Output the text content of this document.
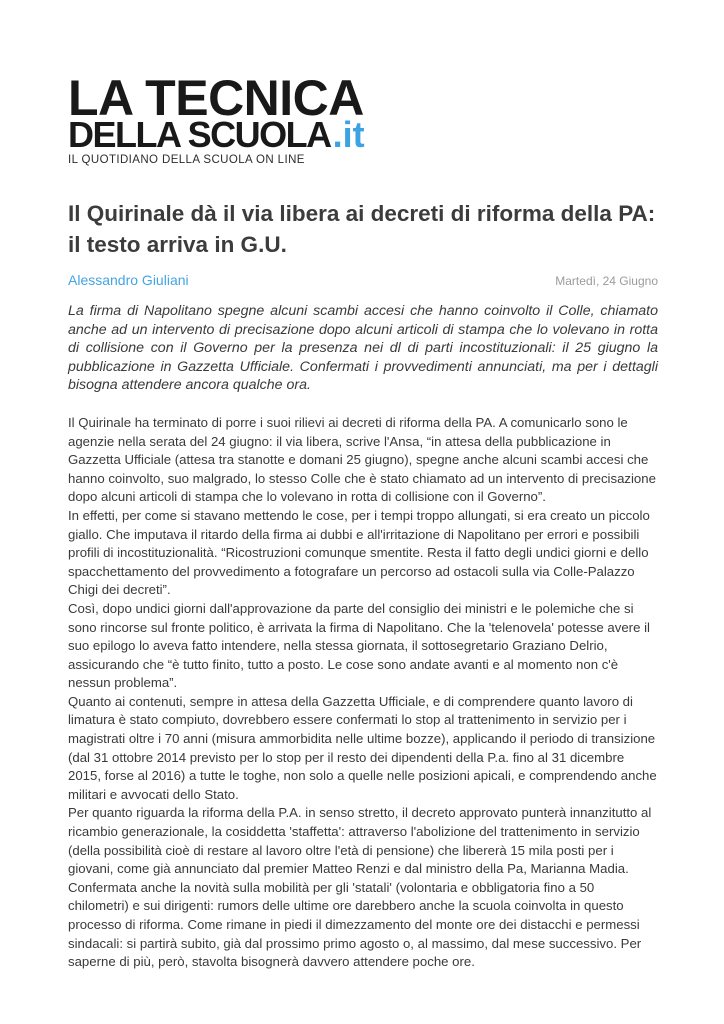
LA TECNICA
DELLA SCUOLA.it
IL QUOTIDIANO DELLA SCUOLA ON LINE
Il Quirinale dà il via libera ai decreti di riforma della PA: il testo arriva in G.U.
Alessandro Giuliani	Martedì, 24 Giugno

La firma di Napolitano spegne alcuni scambi accesi che hanno coinvolto il Colle, chiamato anche ad un intervento di precisazione dopo alcuni articoli di stampa che lo volevano in rotta di collisione con il Governo per la presenza nei dl di parti incostituzionali: il 25 giugno la pubblicazione in Gazzetta Ufficiale. Confermati i provvedimenti annunciati, ma per i dettagli bisogna attendere ancora qualche ora.

Il Quirinale ha terminato di porre i suoi rilievi ai decreti di riforma della PA. A comunicarlo sono le agenzie nella serata del 24 giugno: il via libera, scrive l'Ansa, “in attesa della pubblicazione in Gazzetta Ufficiale (attesa tra stanotte e domani 25 giugno), spegne anche alcuni scambi accesi che hanno coinvolto, suo malgrado, lo stesso Colle che è stato chiamato ad un intervento di precisazione dopo alcuni articoli di stampa che lo volevano in rotta di collisione con il Governo”.

In effetti, per come si stavano mettendo le cose, per i tempi troppo allungati, si era creato un piccolo giallo. Che imputava il ritardo della firma ai dubbi e all'irritazione di Napolitano per errori e possibili profili di incostituzionalità. “Ricostruzioni comunque smentite. Resta il fatto degli undici giorni e dello spacchettamento del provvedimento a fotografare un percorso ad ostacoli sulla via Colle-Palazzo Chigi dei decreti”.

Così, dopo undici giorni dall'approvazione da parte del consiglio dei ministri e le polemiche che si sono rincorse sul fronte politico, è arrivata la firma di Napolitano. Che la 'telenovela' potesse avere il suo epilogo lo aveva fatto intendere, nella stessa giornata, il sottosegretario Graziano Delrio, assicurando che “è tutto finito, tutto a posto. Le cose sono andate avanti e al momento non c'è nessun problema”.

Quanto ai contenuti, sempre in attesa della Gazzetta Ufficiale, e di comprendere quanto lavoro di limatura è stato compiuto, dovrebbero essere confermati lo stop al trattenimento in servizio per i magistrati oltre i 70 anni (misura ammorbidita nelle ultime bozze), applicando il periodo di transizione (dal 31 ottobre 2014 previsto per lo stop per il resto dei dipendenti della P.a. fino al 31 dicembre 2015, forse al 2016) a tutte le toghe, non solo a quelle nelle posizioni apicali, e comprendendo anche militari e avvocati dello Stato.

Per quanto riguarda la riforma della P.A. in senso stretto, il decreto approvato punterà innanzitutto al ricambio generazionale, la cosiddetta 'staffetta': attraverso l'abolizione del trattenimento in servizio (della possibilità cioè di restare al lavoro oltre l'età di pensione) che libererà 15 mila posti per i giovani, come già annunciato dal premier Matteo Renzi e dal ministro della Pa, Marianna Madia.

Confermata anche la novità sulla mobilità per gli 'statali' (volontaria e obbligatoria fino a 50 chilometri) e sui dirigenti: rumors delle ultime ore darebbero anche la scuola coinvolta in questo processo di riforma. Come rimane in piedi il dimezzamento del monte ore dei distacchi e permessi sindacali: si partirà subito, già dal prossimo primo agosto o, al massimo, dal mese successivo. Per saperne di più, però, stavolta bisognerà davvero attendere poche ore.
